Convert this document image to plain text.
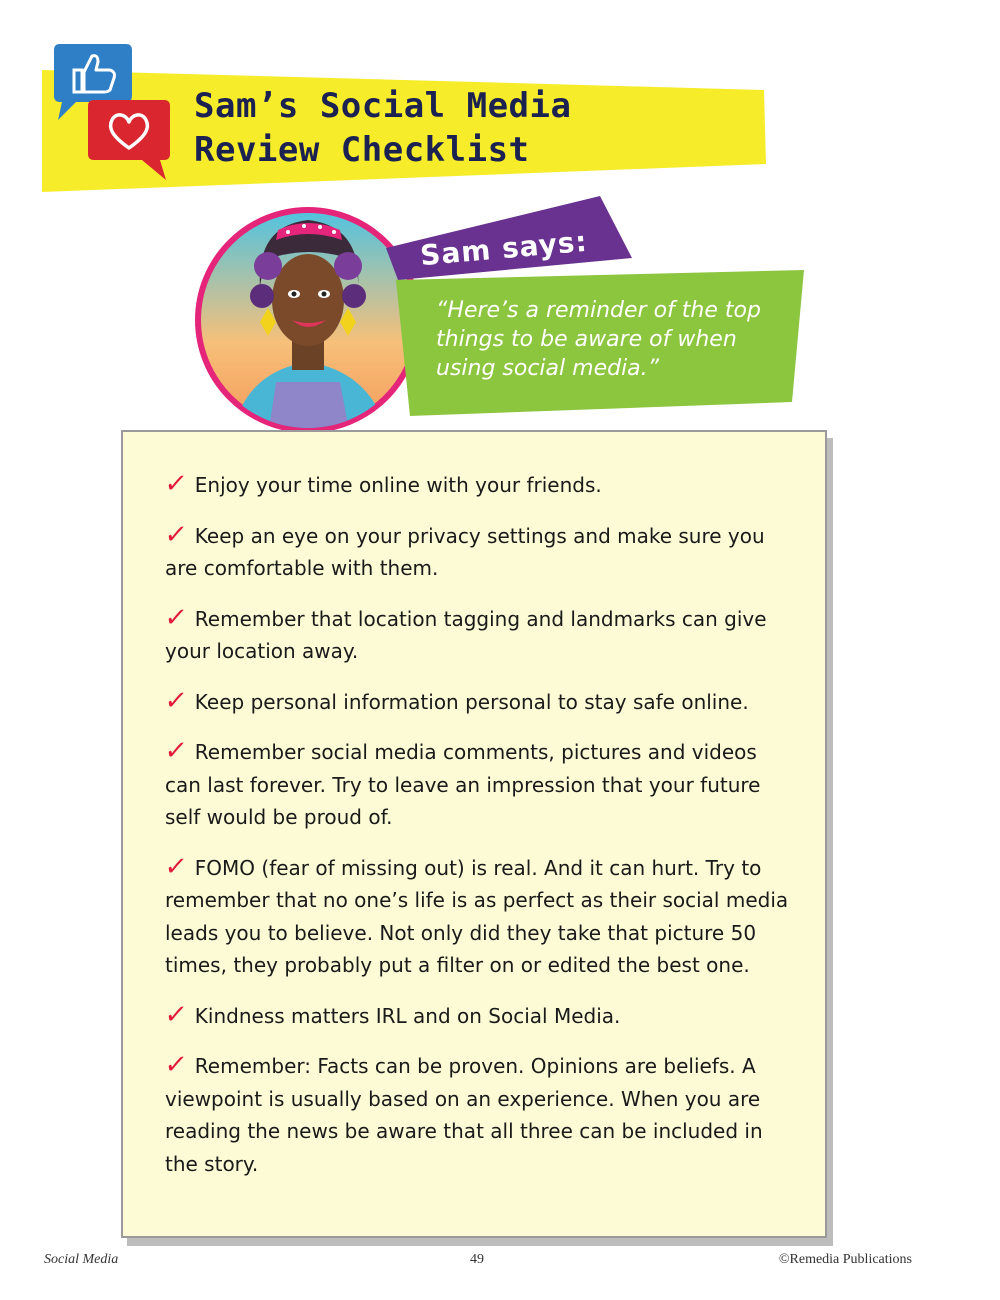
Sam’s Social Media
Review Checklist
Sam says:
“Here’s a reminder of the top things to be aware of when using social media.”
✓ Enjoy your time online with your friends.
✓ Keep an eye on your privacy settings and make sure you are comfortable with them.
✓ Remember that location tagging and landmarks can give your location away.
✓ Keep personal information personal to stay safe online.
✓ Remember social media comments, pictures and videos can last forever. Try to leave an impression that your future self would be proud of.
✓ FOMO (fear of missing out) is real. And it can hurt. Try to remember that no one’s life is as perfect as their social media leads you to believe. Not only did they take that picture 50 times, they probably put a filter on or edited the best one.
✓ Kindness matters IRL and on Social Media.
✓ Remember: Facts can be proven. Opinions are beliefs. A viewpoint is usually based on an experience. When you are reading the news be aware that all three can be included in the story.
Social Media	49	©Remedia Publications
